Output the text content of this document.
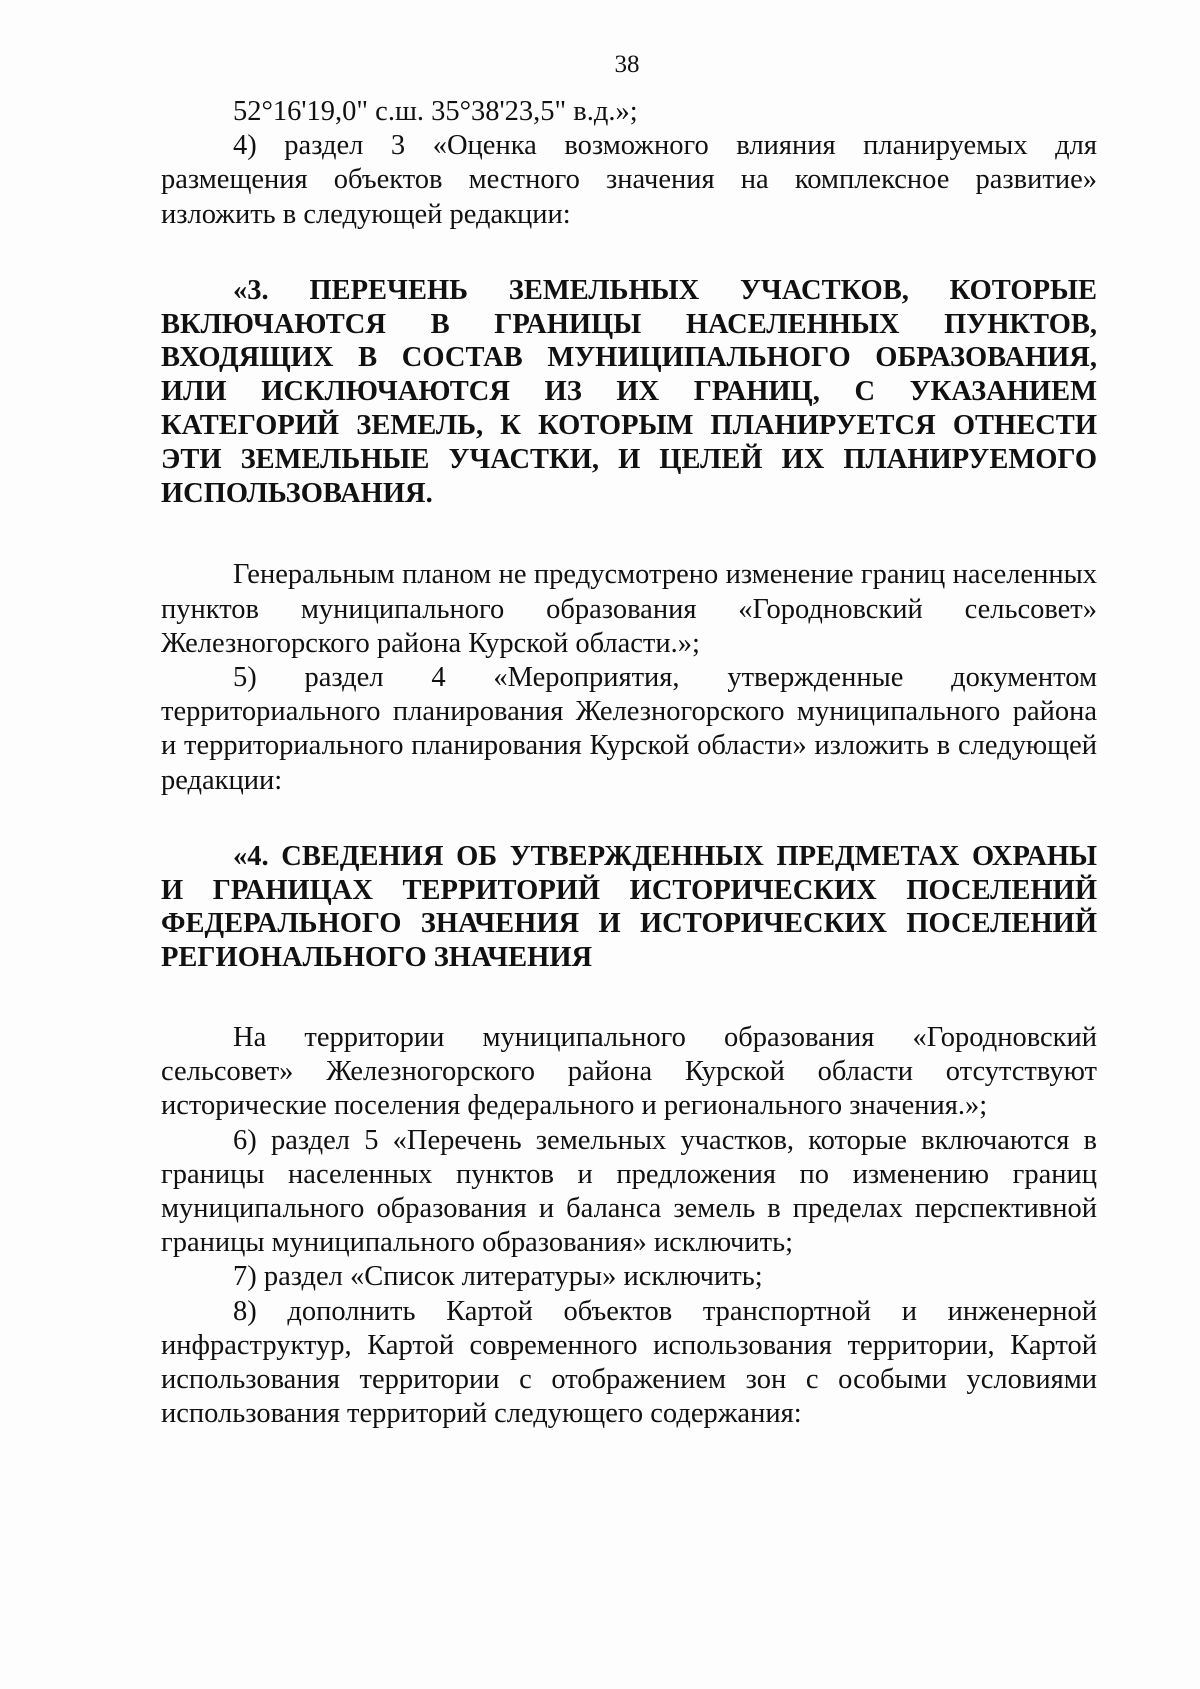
38

52°16'19,0" с.ш. 35°38'23,5" в.д.»;

4) раздел 3 «Оценка возможного влияния планируемых для размещения объектов местного значения на комплексное развитие» изложить в следующей редакции:

«3. ПЕРЕЧЕНЬ ЗЕМЕЛЬНЫХ УЧАСТКОВ, КОТОРЫЕ ВКЛЮЧАЮТСЯ В ГРАНИЦЫ НАСЕЛЕННЫХ ПУНКТОВ, ВХОДЯЩИХ В СОСТАВ МУНИЦИПАЛЬНОГО ОБРАЗОВАНИЯ, ИЛИ ИСКЛЮЧАЮТСЯ ИЗ ИХ ГРАНИЦ, С УКАЗАНИЕМ КАТЕГОРИЙ ЗЕМЕЛЬ, К КОТОРЫМ ПЛАНИРУЕТСЯ ОТНЕСТИ ЭТИ ЗЕМЕЛЬНЫЕ УЧАСТКИ, И ЦЕЛЕЙ ИХ ПЛАНИРУЕМОГО ИСПОЛЬЗОВАНИЯ.

Генеральным планом не предусмотрено изменение границ населенных пунктов муниципального образования «Городновский сельсовет» Железногорского района Курской области.»;

5) раздел 4 «Мероприятия, утвержденные документом территориального планирования Железногорского муниципального района и территориального планирования Курской области» изложить в следующей редакции:

«4. СВЕДЕНИЯ ОБ УТВЕРЖДЕННЫХ ПРЕДМЕТАХ ОХРАНЫ И ГРАНИЦАХ ТЕРРИТОРИЙ ИСТОРИЧЕСКИХ ПОСЕЛЕНИЙ ФЕДЕРАЛЬНОГО ЗНАЧЕНИЯ И ИСТОРИЧЕСКИХ ПОСЕЛЕНИЙ РЕГИОНАЛЬНОГО ЗНАЧЕНИЯ

На территории муниципального образования «Городновский сельсовет» Железногорского района Курской области отсутствуют исторические поселения федерального и регионального значения.»;

6) раздел 5 «Перечень земельных участков, которые включаются в границы населенных пунктов и предложения по изменению границ муниципального образования и баланса земель в пределах перспективной границы муниципального образования» исключить;

7) раздел «Список литературы» исключить;

8) дополнить Картой объектов транспортной и инженерной инфраструктур, Картой современного использования территории, Картой использования территории с отображением зон с особыми условиями использования территорий следующего содержания:
